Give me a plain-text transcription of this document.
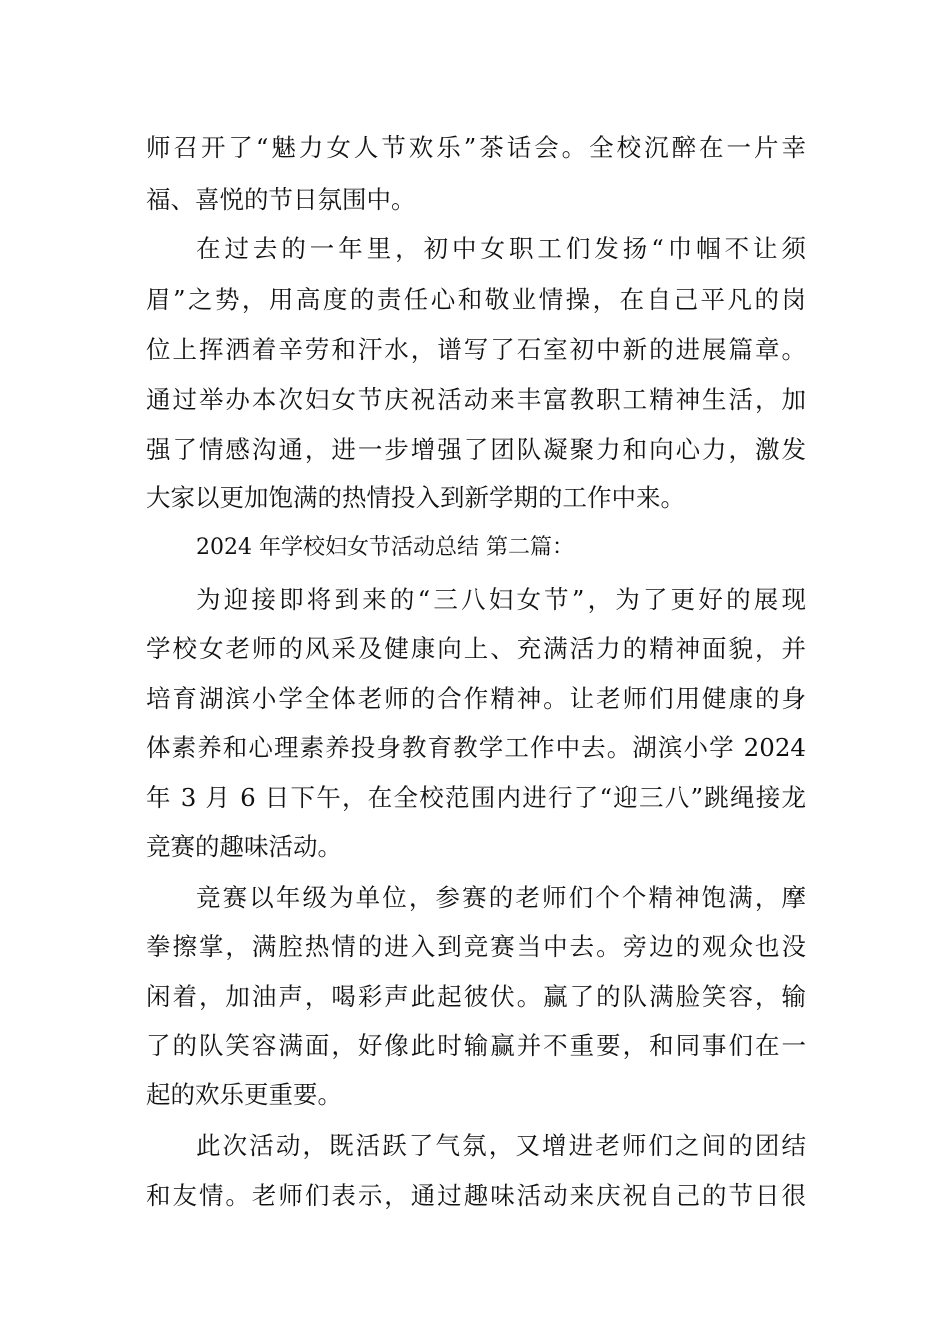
师召开了“魅力女人节欢乐”茶话会。全校沉醉在一片幸
福、喜悦的节日氛围中。
在过去的一年里，初中女职工们发扬“巾帼不让须
眉”之势，用高度的责任心和敬业情操，在自己平凡的岗
位上挥洒着辛劳和汗水，谱写了石室初中新的进展篇章。
通过举办本次妇女节庆祝活动来丰富教职工精神生活，加
强了情感沟通，进一步增强了团队凝聚力和向心力，激发
大家以更加饱满的热情投入到新学期的工作中来。
2024 年学校妇女节活动总结 第二篇：
为迎接即将到来的“三八妇女节”，为了更好的展现
学校女老师的风采及健康向上、充满活力的精神面貌，并
培育湖滨小学全体老师的合作精神。让老师们用健康的身
体素养和心理素养投身教育教学工作中去。湖滨小学 2024
年 3 月 6 日下午，在全校范围内进行了“迎三八”跳绳接龙
竞赛的趣味活动。
竞赛以年级为单位，参赛的老师们个个精神饱满，摩
拳擦掌，满腔热情的进入到竞赛当中去。旁边的观众也没
闲着，加油声，喝彩声此起彼伏。赢了的队满脸笑容，输
了的队笑容满面，好像此时输赢并不重要，和同事们在一
起的欢乐更重要。
此次活动，既活跃了气氛，又增进老师们之间的团结
和友情。老师们表示，通过趣味活动来庆祝自己的节日很
